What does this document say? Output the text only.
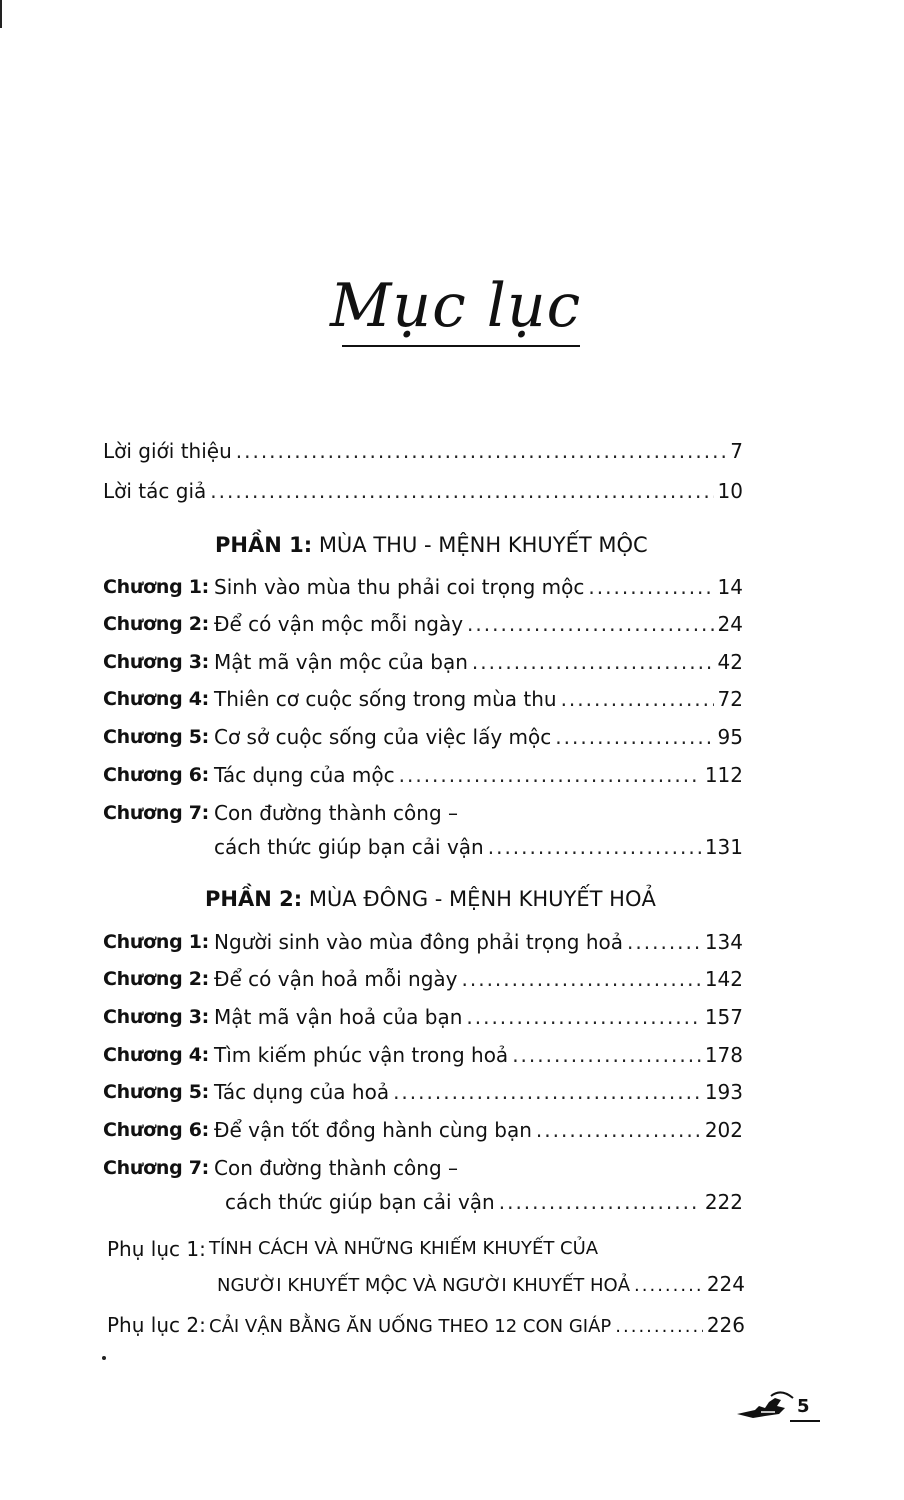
Mục lục
Lời giới thiệu .....	7
Lời tác giả .....	10
PHẦN 1: MÙA THU - MỆNH KHUYẾT MỘC
Chương 1: Sinh vào mùa thu phải coi trọng mộc .....	14
Chương 2: Để có vận mộc mỗi ngày .....	24
Chương 3: Mật mã vận mộc của bạn .....	42
Chương 4: Thiên cơ cuộc sống trong mùa thu .....	72
Chương 5: Cơ sở cuộc sống của việc lấy mộc .....	95
Chương 6: Tác dụng của mộc .....	112
Chương 7: Con đường thành công –
cách thức giúp bạn cải vận .....	131
PHẦN 2: MÙA ĐÔNG - MỆNH KHUYẾT HOẢ
Chương 1: Người sinh vào mùa đông phải trọng hoả .....	134
Chương 2: Để có vận hoả mỗi ngày .....	142
Chương 3: Mật mã vận hoả của bạn .....	157
Chương 4: Tìm kiếm phúc vận trong hoả .....	178
Chương 5: Tác dụng của hoả .....	193
Chương 6: Để vận tốt đồng hành cùng bạn .....	202
Chương 7: Con đường thành công –
cách thức giúp bạn cải vận .....	222
Phụ lục 1: TÍNH CÁCH VÀ NHỮNG KHIẾM KHUYẾT CỦA
NGƯỜI KHUYẾT MỘC VÀ NGƯỜI KHUYẾT HOẢ .....	224
Phụ lục 2: CẢI VẬN BẰNG ĂN UỐNG THEO 12 CON GIÁP .....	226
5
